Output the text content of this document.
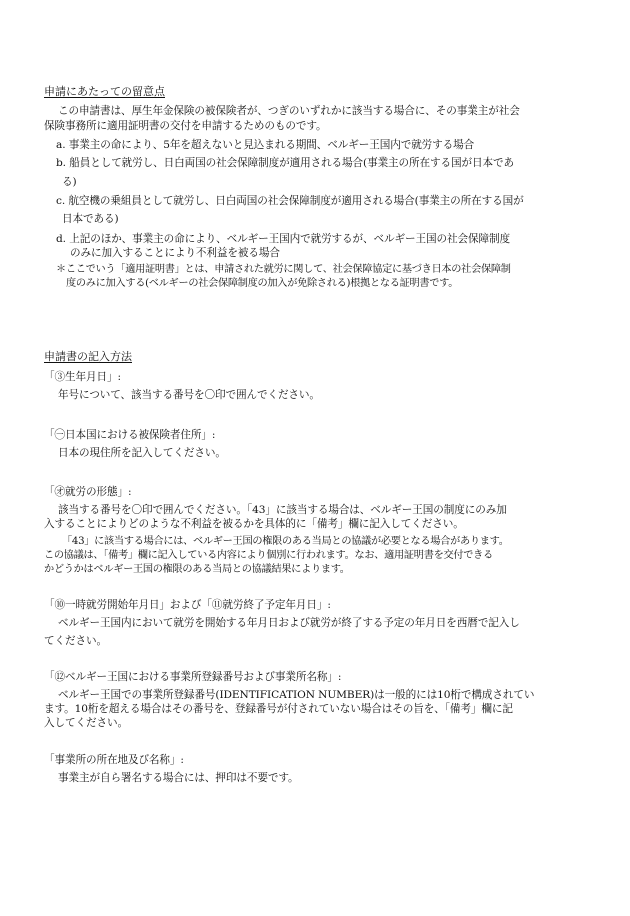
申請にあたっての留意点
この申請書は、厚生年金保険の被保険者が、つぎのいずれかに該当する場合に、その事業主が社会
保険事務所に適用証明書の交付を申請するためのものです。
a. 事業主の命により、5年を超えないと見込まれる期間、ベルギー王国内で就労する場合
b. 船員として就労し、日白両国の社会保障制度が適用される場合(事業主の所在する国が日本であ
る)
c. 航空機の乗組員として就労し、日白両国の社会保障制度が適用される場合(事業主の所在する国が
日本である)
d. 上記のほか、事業主の命により、ベルギー王国内で就労するが、ベルギー王国の社会保障制度
のみに加入することにより不利益を被る場合
＊ここでいう「適用証明書」とは、申請された就労に関して、社会保障協定に基づき日本の社会保障制
度のみに加入する(ベルギーの社会保障制度の加入が免除される)根拠となる証明書です。
申請書の記入方法
「③生年月日」:
年号について、該当する番号を〇印で囲んでください。
「㊀日本国における被保険者住所」:
日本の現住所を記入してください。
「㋔就労の形態」:
該当する番号を〇印で囲んでください。「43」に該当する場合は、ベルギー王国の制度にのみ加
入することによりどのような不利益を被るかを具体的に「備考」欄に記入してください。
「43」に該当する場合には、ベルギー王国の権限のある当局との協議が必要となる場合があります。
この協議は、「備考」欄に記入している内容により個別に行われます。なお、適用証明書を交付できる
かどうかはベルギー王国の権限のある当局との協議結果によります。
「⑩一時就労開始年月日」および「⑪就労終了予定年月日」:
ベルギー王国内において就労を開始する年月日および就労が終了する予定の年月日を西暦で記入し
てください。
「⑫ベルギー王国における事業所登録番号および事業所名称」:
ベルギー王国での事業所登録番号(IDENTIFICATION NUMBER)は一般的には10桁で構成されてい
ます。10桁を超える場合はその番号を、登録番号が付されていない場合はその旨を、「備考」欄に記
入してください。
「事業所の所在地及び名称」:
事業主が自ら署名する場合には、押印は不要です。
